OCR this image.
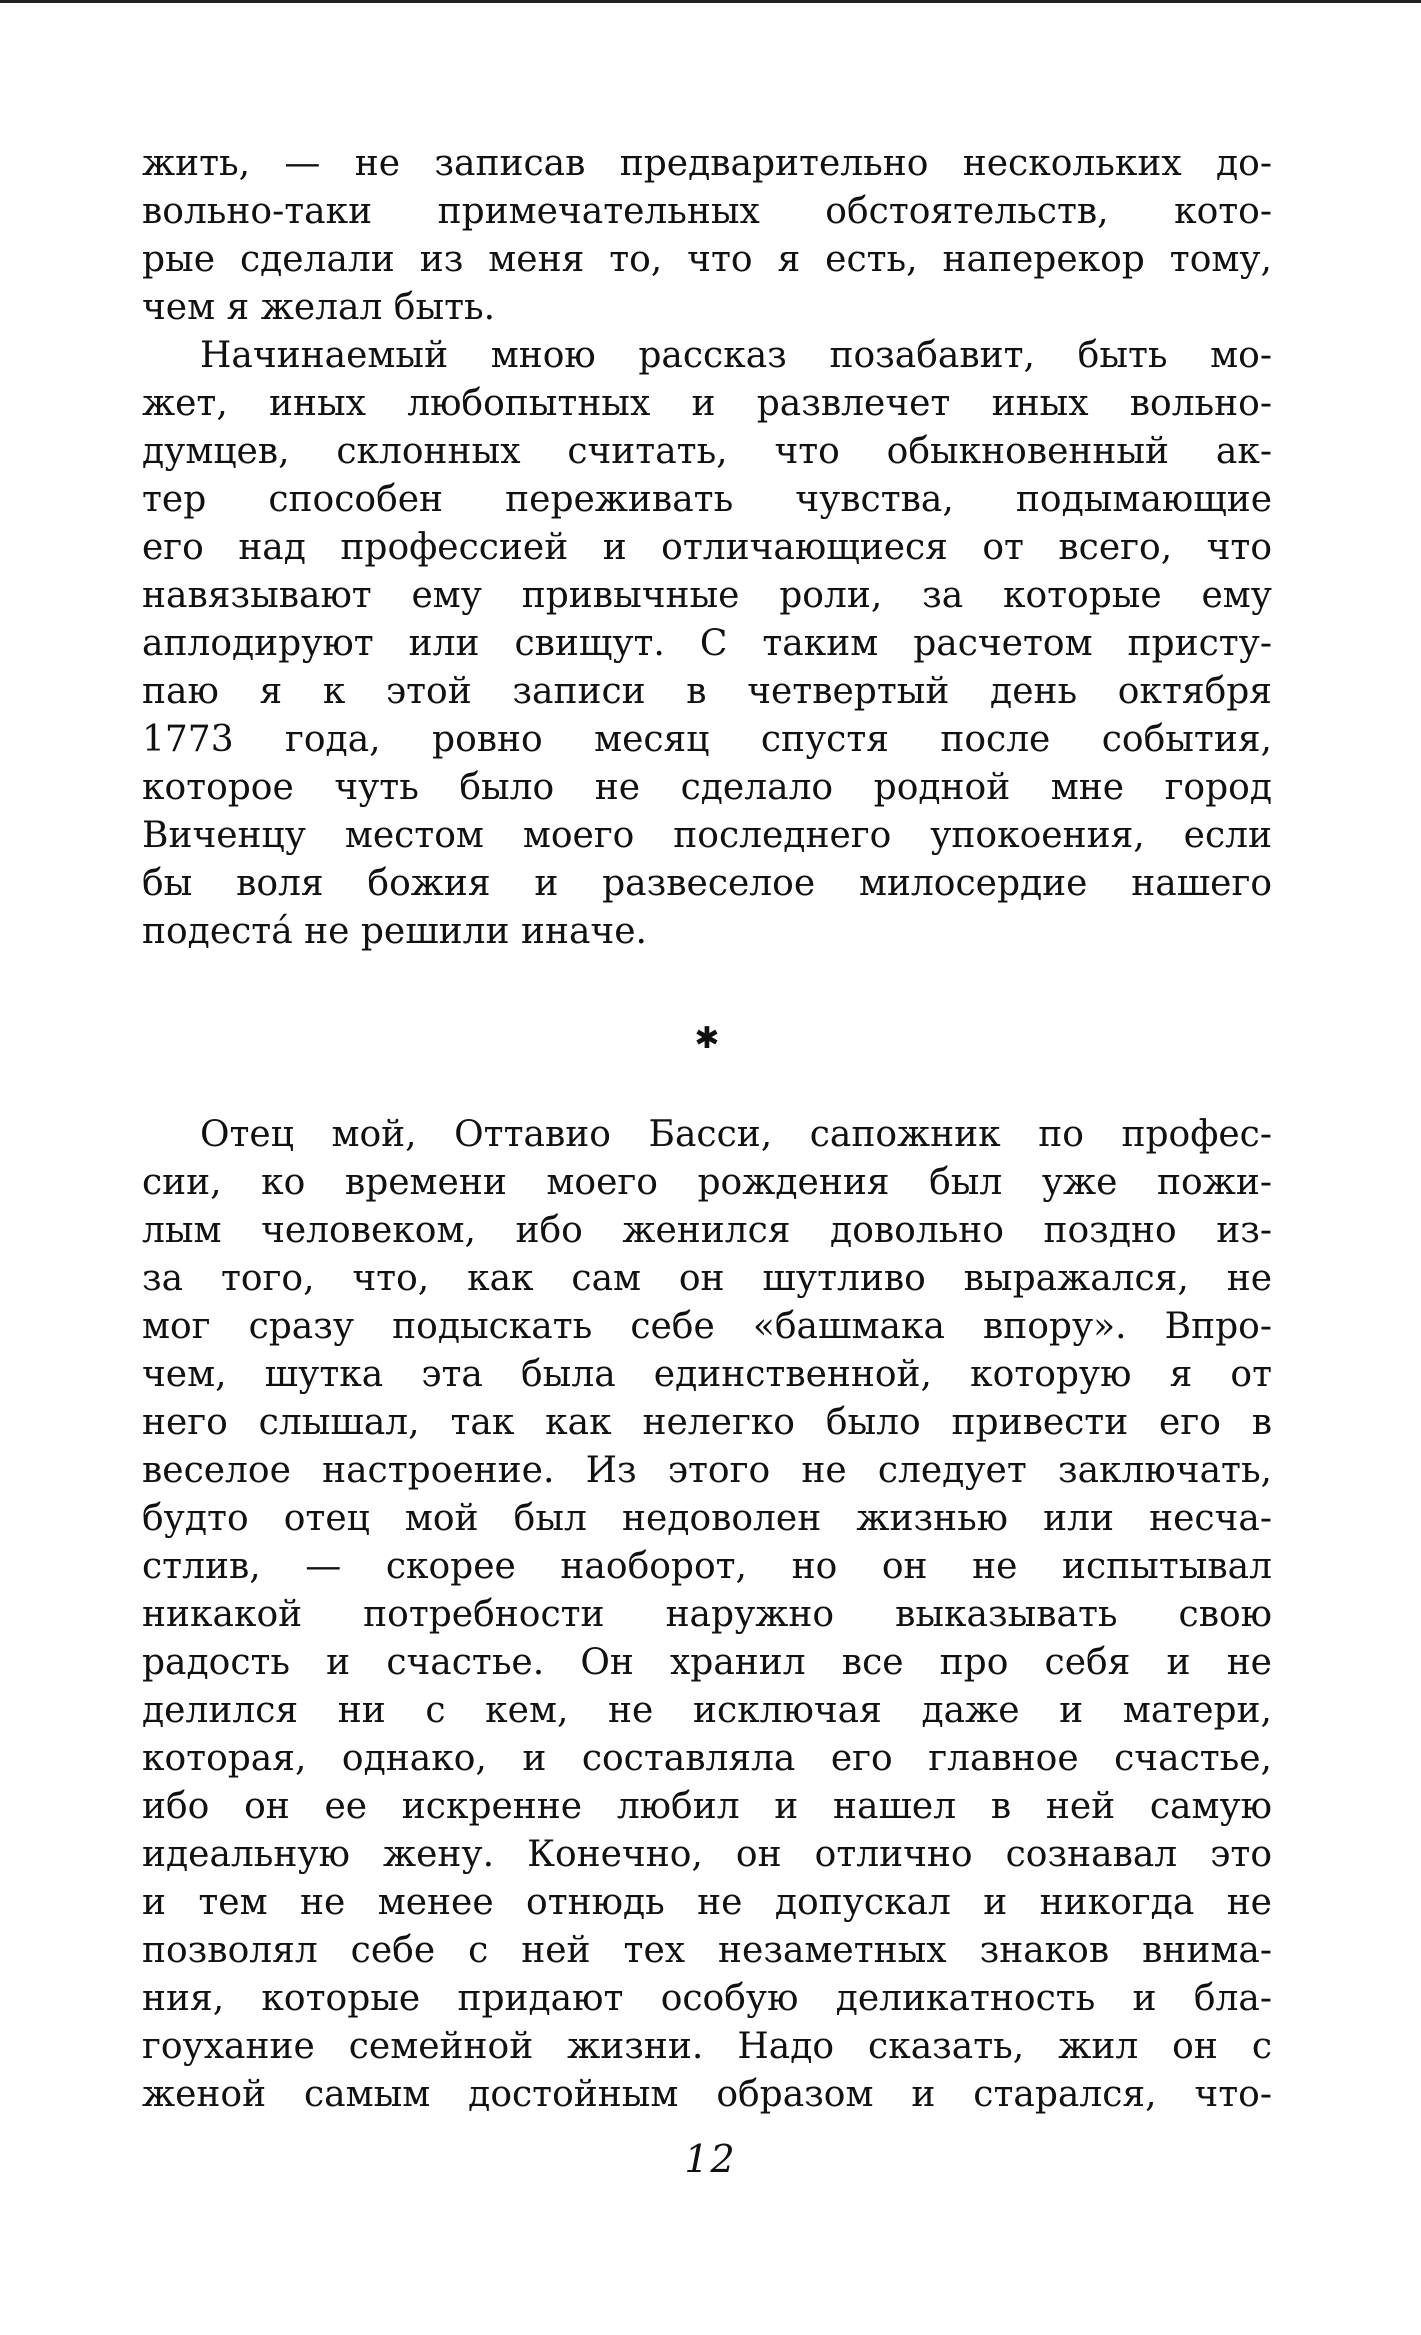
жить, — не записав предварительно нескольких до-
вольно-таки примечательных обстоятельств, кото-
рые сделали из меня то, что я есть, наперекор тому,
чем я желал быть.
Начинаемый мною рассказ позабавит, быть мо-
жет, иных любопытных и развлечет иных вольно-
думцев, склонных считать, что обыкновенный ак-
тер способен переживать чувства, подымающие
его над профессией и отличающиеся от всего, что
навязывают ему привычные роли, за которые ему
аплодируют или свищут. С таким расчетом присту-
паю я к этой записи в четвертый день октября
1773 года, ровно месяц спустя после события,
которое чуть было не сделало родной мне город
Виченцу местом моего последнего упокоения, если
бы воля божия и развеселое милосердие нашего
подеста́ не решили иначе.
✱
Отец мой, Оттавио Басси, сапожник по профес-
сии, ко времени моего рождения был уже пожи-
лым человеком, ибо женился довольно поздно из-
за того, что, как сам он шутливо выражался, не
мог сразу подыскать себе «башмака впору». Впро-
чем, шутка эта была единственной, которую я от
него слышал, так как нелегко было привести его в
веселое настроение. Из этого не следует заключать,
будто отец мой был недоволен жизнью или несча-
стлив, — скорее наоборот, но он не испытывал
никакой потребности наружно выказывать свою
радость и счастье. Он хранил все про себя и не
делился ни с кем, не исключая даже и матери,
которая, однако, и составляла его главное счастье,
ибо он ее искренне любил и нашел в ней самую
идеальную жену. Конечно, он отлично сознавал это
и тем не менее отнюдь не допускал и никогда не
позволял себе с ней тех незаметных знаков внима-
ния, которые придают особую деликатность и бла-
гоухание семейной жизни. Надо сказать, жил он с
женой самым достойным образом и старался, что-
12
